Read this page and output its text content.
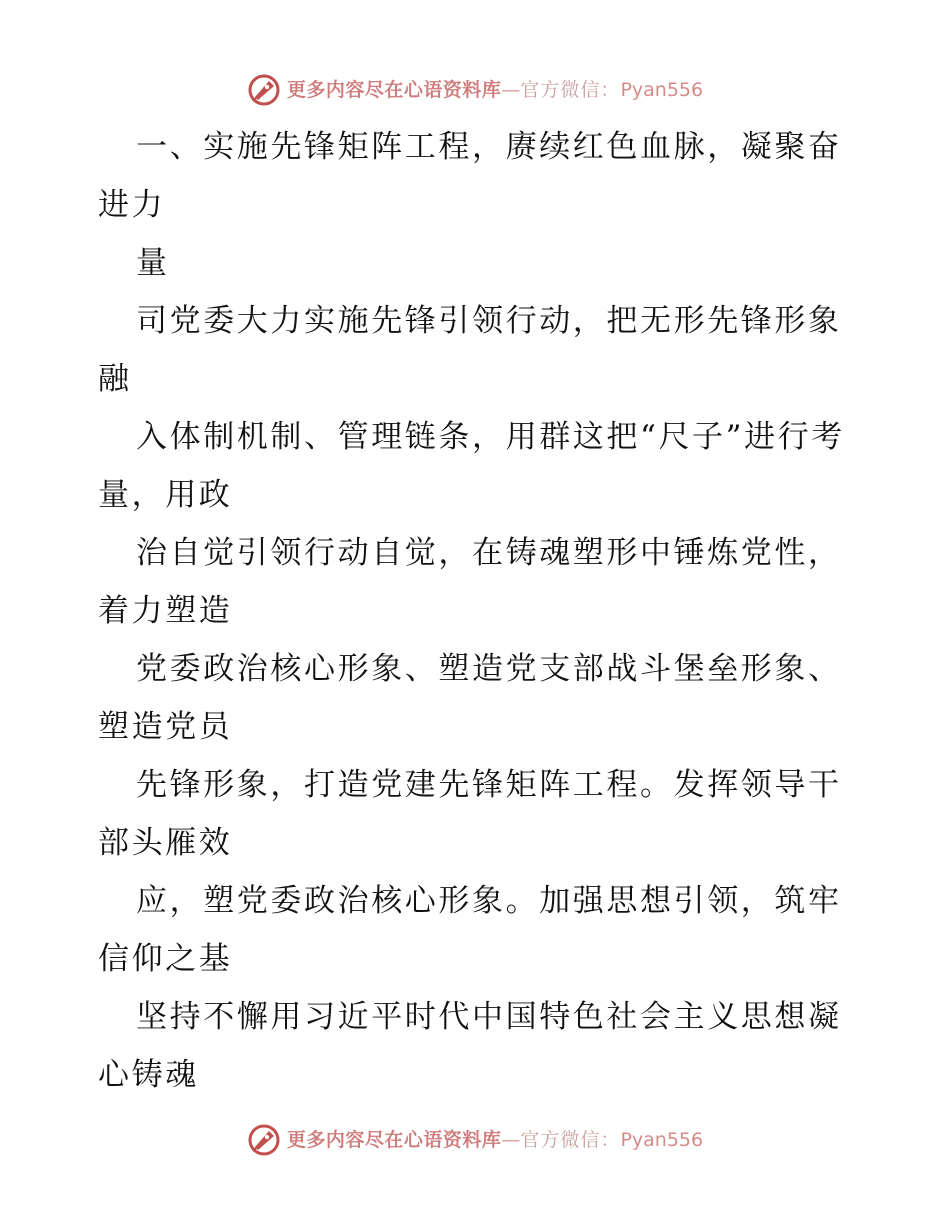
更多内容尽在心语资料库—官方微信：Pyan556

一、实施先锋矩阵工程，赓续红色血脉，凝聚奋进力

量

司党委大力实施先锋引领行动，把无形先锋形象融

入体制机制、管理链条，用群这把“尺子”进行考量，用政

治自觉引领行动自觉，在铸魂塑形中锤炼党性，着力塑造

党委政治核心形象、塑造党支部战斗堡垒形象、塑造党员

先锋形象，打造党建先锋矩阵工程。发挥领导干部头雁效

应，塑党委政治核心形象。加强思想引领，筑牢信仰之基

坚持不懈用习近平时代中国特色社会主义思想凝心铸魂

更多内容尽在心语资料库—官方微信：Pyan556
